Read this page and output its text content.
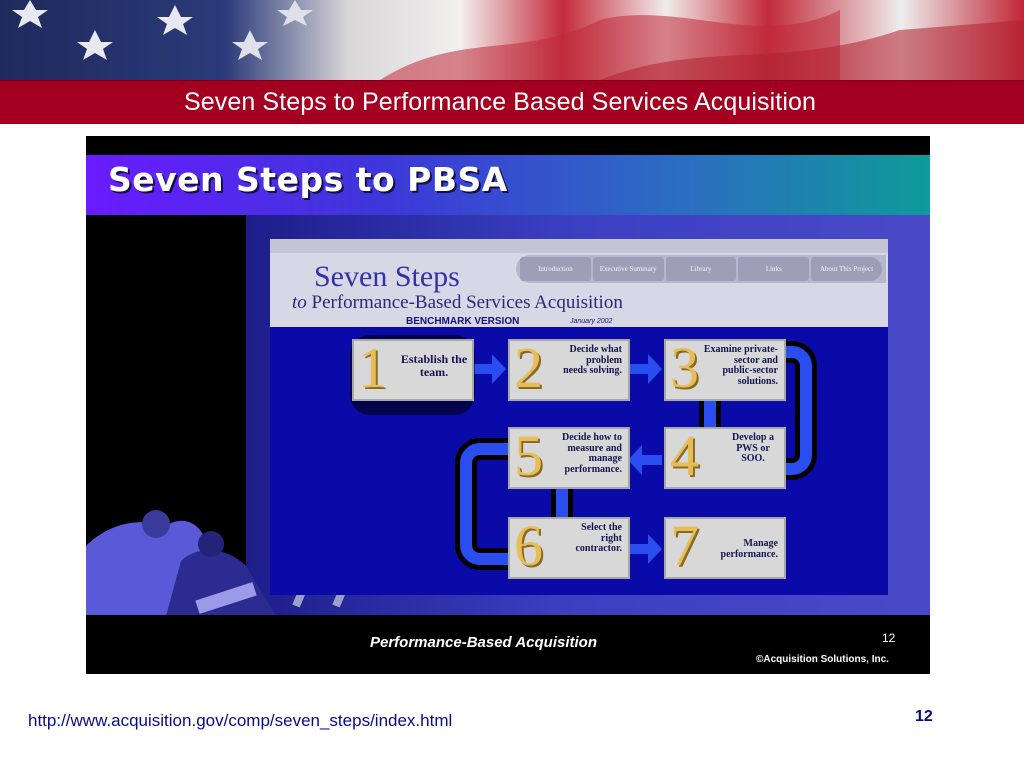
Seven Steps to Performance Based Services Acquisition
Seven Steps to PBSA
Performance-Based Acquisition	12
©Acquisition Solutions, Inc.
Seven Steps
to Performance-Based Services Acquisition
BENCHMARK VERSION	January 2002
Introduction	Executive Summary	Library	Links	About This Project
1	Establish the team.	2	Decide what problem needs solving. 3 Examine private-sector and public-sector solutions.
4	Develop a PWS or SOO.
5	Decide how to measure and manage performance.
6	Select the right contractor. 7	Manage performance.
http://www.acquisition.gov/comp/seven_steps/index.html	12
